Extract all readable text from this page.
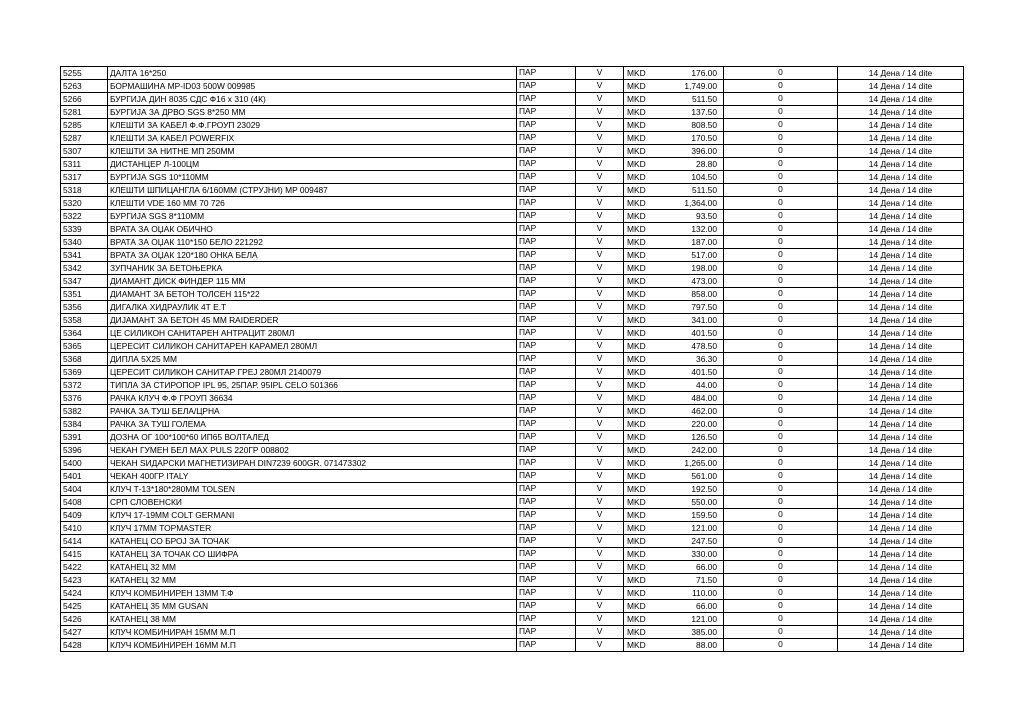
5255	ДАЛТА 16*250	ПАР	V	MKD	176.00	0	14 Дена / 14 dite
5263	БОРМАШИНА MP-ID03 500W 009985	ПАР	V	MKD	1,749.00	0	14 Дена / 14 dite
5266	БУРГИЈА ДИН 8035 СДС Ф16 x 310 (4К)	ПАР	V	MKD	511.50	0	14 Дена / 14 dite
5281	БУРГИЈА ЗА ДРВО SGS 8*250 ММ	ПАР	V	MKD	137.50	0	14 Дена / 14 dite
5285	КЛЕШТИ ЗА КАБЕЛ Ф.Ф.ГРОУП 23029	ПАР	V	MKD	808.50	0	14 Дена / 14 dite
5287	КЛЕШТИ ЗА КАБЕЛ POWERFIX	ПАР	V	MKD	170.50	0	14 Дена / 14 dite
5307	КЛЕШТИ ЗА НИТНЕ МП 250ММ	ПАР	V	MKD	396.00	0	14 Дена / 14 dite
5311	ДИСТАНЦЕР Л-100ЦМ	ПАР	V	MKD	28.80	0	14 Дена / 14 dite
5317	БУРГИЈА SGS 10*110ММ	ПАР	V	MKD	104.50	0	14 Дена / 14 dite
5318	КЛЕШТИ ШПИЦАНГЛА 6/160ММ (СТРУЈНИ) MP 009487	ПАР	V	MKD	511.50	0	14 Дена / 14 dite
5320	КЛЕШТИ VDE 160 ММ 70 726	ПАР	V	MKD	1,364.00	0	14 Дена / 14 dite
5322	БУРГИЈА SGS 8*110ММ	ПАР	V	MKD	93.50	0	14 Дена / 14 dite
5339	ВРАТА ЗА ОЏАК ОБИЧНО	ПАР	V	MKD	132.00	0	14 Дена / 14 dite
5340	ВРАТА ЗА ОЏАК 110*150 БЕЛО 221292	ПАР	V	MKD	187.00	0	14 Дена / 14 dite
5341	ВРАТА ЗА ОЏАК 120*180 ОНКА БЕЛА	ПАР	V	MKD	517.00	0	14 Дена / 14 dite
5342	ЗУПЧАНИК ЗА БЕТОЊЕРКА	ПАР	V	MKD	198.00	0	14 Дена / 14 dite
5347	ДИАМАНТ ДИСК ФИНДЕР 115 ММ	ПАР	V	MKD	473.00	0	14 Дена / 14 dite
5351	ДИАМАНТ ЗА БЕТОН ТОЛСЕН 115*22	ПАР	V	MKD	858.00	0	14 Дена / 14 dite
5356	ДИГАЛКА ХИДРАУЛИК 4Т Е.Т	ПАР	V	MKD	797.50	0	14 Дена / 14 dite
5358	ДИЈАМАНТ ЗА БЕТОН 45 ММ RAIDERDER	ПАР	V	MKD	341.00	0	14 Дена / 14 dite
5364	ЦЕ СИЛИКОН САНИТАРЕН АНТРАЦИТ 280МЛ	ПАР	V	MKD	401.50	0	14 Дена / 14 dite
5365	ЦЕРЕСИТ СИЛИКОН САНИТАРЕН КАРАМЕЛ 280МЛ	ПАР	V	MKD	478.50	0	14 Дена / 14 dite
5368	ДИПЛА 5X25 ММ	ПАР	V	MKD	36.30	0	14 Дена / 14 dite
5369	ЦЕРЕСИТ СИЛИКОН САНИТАР ГРЕЈ 280МЛ 2140079	ПАР	V	MKD	401.50	0	14 Дена / 14 dite
5372	ТИПЛА ЗА СТИРОПОР IPL 95, 25ПАР. 95IPL CELO 501366	ПАР	V	MKD	44.00	0	14 Дена / 14 dite
5376	РАЧКА КЛУЧ Ф.Ф ГРОУП 36634	ПАР	V	MKD	484.00	0	14 Дена / 14 dite
5382	РАЧКА ЗА ТУШ БЕЛА/ЦРНА	ПАР	V	MKD	462.00	0	14 Дена / 14 dite
5384	РАЧКА ЗА ТУШ ГОЛЕМА	ПАР	V	MKD	220.00	0	14 Дена / 14 dite
5391	ДОЗНА ОГ 100*100*60 ИП65 ВОЛТАЛЕД	ПАР	V	MKD	126.50	0	14 Дена / 14 dite
5396	ЧЕКАН ГУМЕН БЕЛ MAX PULS 220ГР 008802	ПАР	V	MKD	242.00	0	14 Дена / 14 dite
5400	ЧЕКАН ЅИДАРСКИ МАГНЕТИЗИРАН DIN7239 600GR. 071473302	ПАР	V	MKD	1,265.00	0	14 Дена / 14 dite
5401	ЧЕКАН 400ГР ITALY	ПАР	V	MKD	561.00	0	14 Дена / 14 dite
5404	КЛУЧ Т-13*180*280ММ TOLSEN	ПАР	V	MKD	192.50	0	14 Дена / 14 dite
5408	СРП СЛОВЕНСКИ	ПАР	V	MKD	550.00	0	14 Дена / 14 dite
5409	КЛУЧ 17-19ММ COLT GERMANI	ПАР	V	MKD	159.50	0	14 Дена / 14 dite
5410	КЛУЧ 17ММ TOPMASTER	ПАР	V	MKD	121.00	0	14 Дена / 14 dite
5414	КАТАНЕЦ СО БРОЈ ЗА ТОЧАК	ПАР	V	MKD	247.50	0	14 Дена / 14 dite
5415	КАТАНЕЦ ЗА ТОЧАК СО ШИФРА	ПАР	V	MKD	330.00	0	14 Дена / 14 dite
5422	КАТАНЕЦ 32 ММ	ПАР	V	MKD	66.00	0	14 Дена / 14 dite
5423	КАТАНЕЦ 32 ММ	ПАР	V	MKD	71.50	0	14 Дена / 14 dite
5424	КЛУЧ КОМБИНИРЕН 13ММ Т.Ф	ПАР	V	MKD	110.00	0	14 Дена / 14 dite
5425	КАТАНЕЦ 35 ММ GUSAN	ПАР	V	MKD	66.00	0	14 Дена / 14 dite
5426	КАТАНЕЦ 38 ММ	ПАР	V	MKD	121.00	0	14 Дена / 14 dite
5427	КЛУЧ КОМБИНИРАН 15ММ М.П	ПАР	V	MKD	385.00	0	14 Дена / 14 dite
5428	КЛУЧ КОМБИНИРЕН 16ММ М.П	ПАР	V	MKD	88.00	0	14 Дена / 14 dite
